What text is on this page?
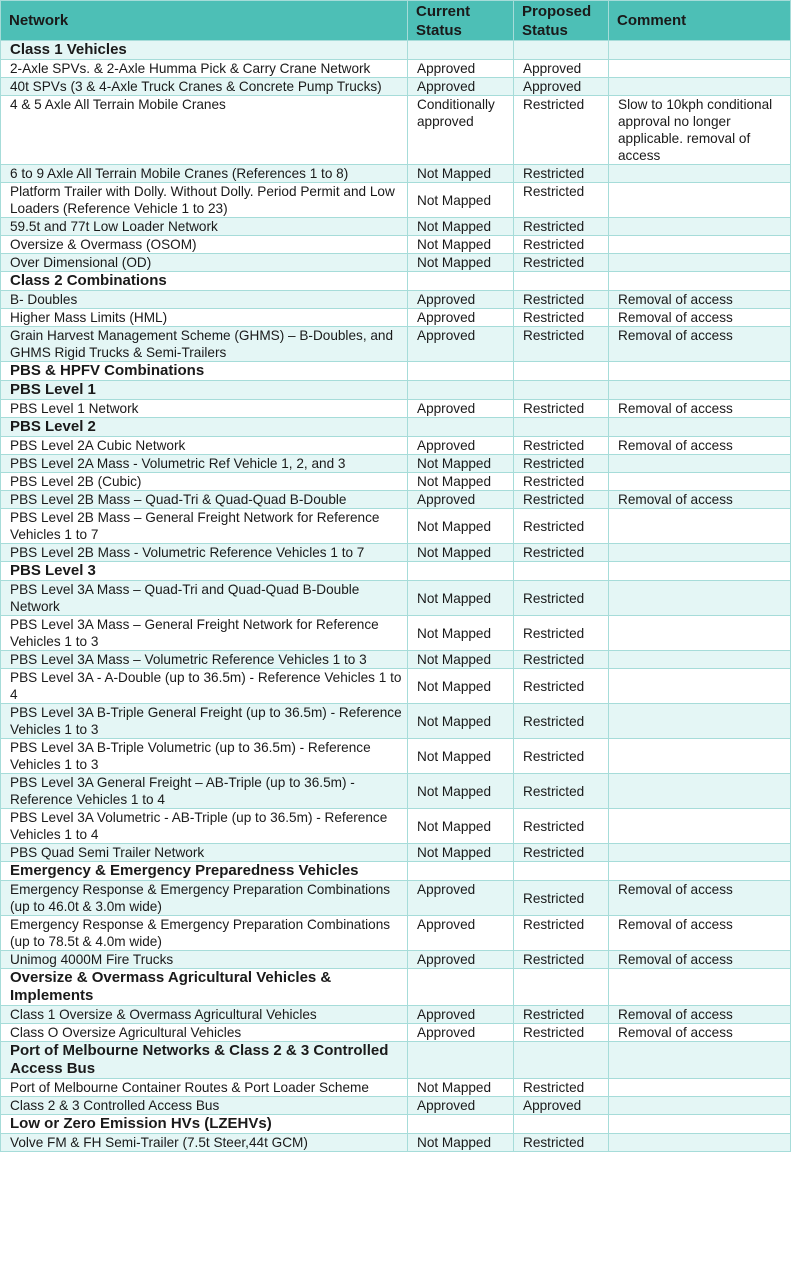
Network	Current Status	Proposed Status	Comment
Class 1 Vehicles			
2-Axle SPVs. & 2-Axle Humma Pick & Carry Crane Network	Approved	Approved	
40t SPVs (3 & 4-Axle Truck Cranes & Concrete Pump Trucks)	Approved	Approved	
4 & 5 Axle All Terrain Mobile Cranes	Conditionally approved	Restricted	Slow to 10kph conditional approval no longer applicable. removal of access
6 to 9 Axle All Terrain Mobile Cranes (References 1 to 8)	Not Mapped	Restricted	
Platform Trailer with Dolly. Without Dolly. Period Permit and Low Loaders (Reference Vehicle 1 to 23)	Not Mapped	Restricted	
59.5t and 77t Low Loader Network	Not Mapped	Restricted	
Oversize & Overmass (OSOM)	Not Mapped	Restricted	
Over Dimensional (OD)	Not Mapped	Restricted	
Class 2 Combinations			
B- Doubles	Approved	Restricted	Removal of access
Higher Mass Limits (HML)	Approved	Restricted	Removal of access
Grain Harvest Management Scheme (GHMS) – B-Doubles, and GHMS Rigid Trucks & Semi-Trailers	Approved	Restricted	Removal of access
PBS & HPFV Combinations			
PBS Level 1			
PBS Level 1 Network	Approved	Restricted	Removal of access
PBS Level 2			
PBS Level 2A Cubic Network	Approved	Restricted	Removal of access
PBS Level 2A Mass - Volumetric Ref Vehicle 1, 2, and 3	Not Mapped	Restricted	
PBS Level 2B (Cubic)	Not Mapped	Restricted	
PBS Level 2B Mass – Quad-Tri & Quad-Quad B-Double	Approved	Restricted	Removal of access
PBS Level 2B Mass – General Freight Network for Reference Vehicles 1 to 7	Not Mapped	Restricted	
PBS Level 2B Mass - Volumetric Reference Vehicles 1 to 7	Not Mapped	Restricted	
PBS Level 3			
PBS Level 3A Mass – Quad-Tri and Quad-Quad B-Double Network	Not Mapped	Restricted	
PBS Level 3A Mass – General Freight Network for Reference Vehicles 1 to 3	Not Mapped	Restricted	
PBS Level 3A Mass – Volumetric Reference Vehicles 1 to 3	Not Mapped	Restricted	
PBS Level 3A - A-Double (up to 36.5m) - Reference Vehicles 1 to 4	Not Mapped	Restricted	
PBS Level 3A B-Triple General Freight (up to 36.5m) - Reference Vehicles 1 to 3	Not Mapped	Restricted	
PBS Level 3A B-Triple Volumetric (up to 36.5m) - Reference Vehicles 1 to 3	Not Mapped	Restricted	
PBS Level 3A General Freight – AB-Triple (up to 36.5m) - Reference Vehicles 1 to 4	Not Mapped	Restricted	
PBS Level 3A Volumetric - AB-Triple (up to 36.5m) - Reference Vehicles 1 to 4	Not Mapped	Restricted	
PBS Quad Semi Trailer Network	Not Mapped	Restricted	
Emergency & Emergency Preparedness Vehicles			
Emergency Response & Emergency Preparation Combinations (up to 46.0t & 3.0m wide)	Approved	Restricted	Removal of access
Emergency Response & Emergency Preparation Combinations (up to 78.5t & 4.0m wide)	Approved	Restricted	Removal of access
Unimog 4000M Fire Trucks	Approved	Restricted	Removal of access
Oversize & Overmass Agricultural Vehicles & Implements			
Class 1 Oversize & Overmass Agricultural Vehicles	Approved	Restricted	Removal of access
Class O Oversize Agricultural Vehicles	Approved	Restricted	Removal of access
Port of Melbourne Networks & Class 2 & 3 Controlled Access Bus			
Port of Melbourne Container Routes & Port Loader Scheme	Not Mapped	Restricted	
Class 2 & 3 Controlled Access Bus	Approved	Approved	
Low or Zero Emission HVs (LZEHVs)			
Volve FM & FH Semi-Trailer (7.5t Steer,44t GCM)	Not Mapped	Restricted	
